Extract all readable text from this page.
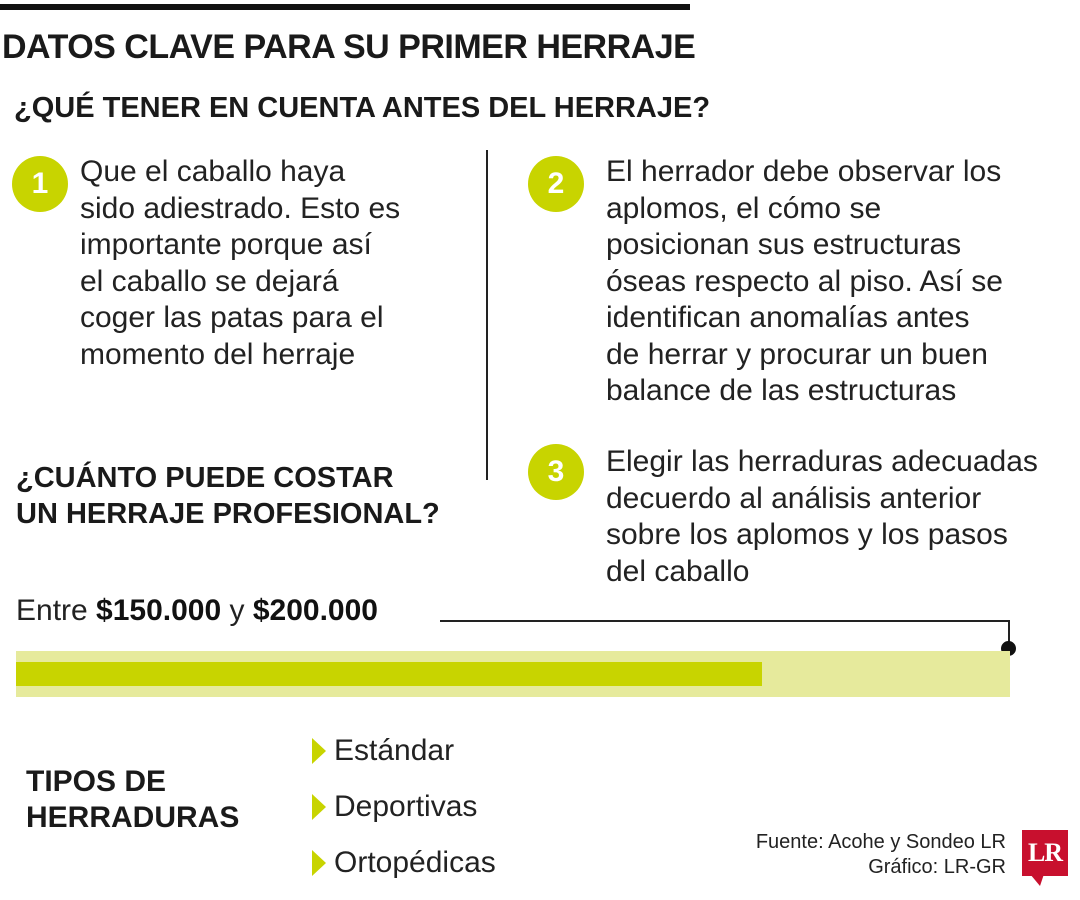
DATOS CLAVE PARA SU PRIMER HERRAJE
¿QUÉ TENER EN CUENTA ANTES DEL HERRAJE?
1	Que el caballo haya
sido adiestrado. Esto es
importante porque así
el caballo se dejará
coger las patas para el
momento del herraje
2	El herrador debe observar los
aplomos, el cómo se
posicionan sus estructuras
óseas respecto al piso. Así se
identifican anomalías antes
de herrar y procurar un buen
balance de las estructuras
3	Elegir las herraduras adecuadas
decuerdo al análisis anterior
sobre los aplomos y los pasos
del caballo
¿CUÁNTO PUEDE COSTAR
UN HERRAJE PROFESIONAL?
Entre $150.000 y $200.000
TIPOS DE
HERRADURAS
Estándar
Deportivas
Ortopédicas
Fuente: Acohe y Sondeo LR
Gráfico: LR-GR LR
